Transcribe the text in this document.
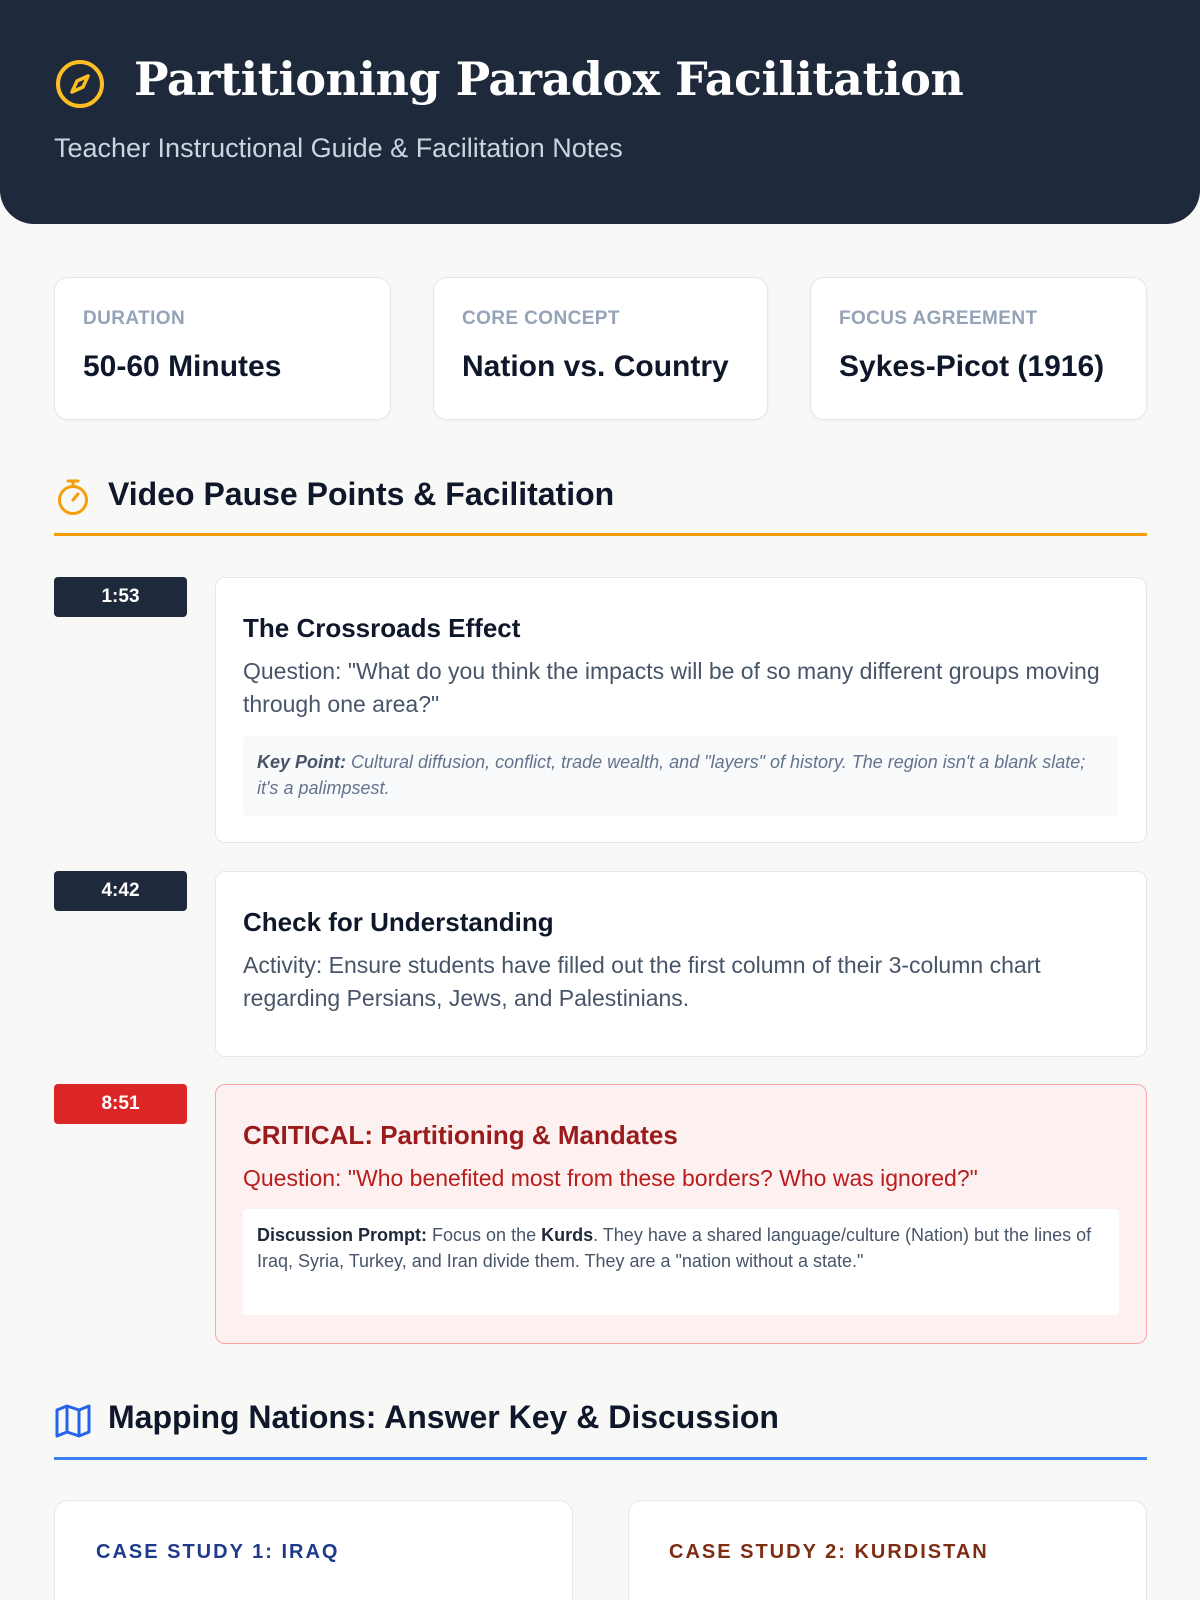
Partitioning Paradox Facilitation
Teacher Instructional Guide & Facilitation Notes
DURATION
50-60 Minutes
CORE CONCEPT
Nation vs. Country
FOCUS AGREEMENT
Sykes-Picot (1916)
Video Pause Points & Facilitation
1:53
The Crossroads Effect
Question: "What do you think the impacts will be of so many different groups moving through one area?"
Key Point: Cultural diffusion, conflict, trade wealth, and "layers" of history. The region isn't a blank slate; it's a palimpsest.
4:42
Check for Understanding
Activity: Ensure students have filled out the first column of their 3-column chart regarding Persians, Jews, and Palestinians.
8:51
CRITICAL: Partitioning & Mandates
Question: "Who benefited most from these borders? Who was ignored?"
Discussion Prompt: Focus on the Kurds. They have a shared language/culture (Nation) but the lines of Iraq, Syria, Turkey, and Iran divide them. They are a "nation without a state."
Mapping Nations: Answer Key & Discussion
CASE STUDY 1: IRAQ	CASE STUDY 2: KURDISTAN
